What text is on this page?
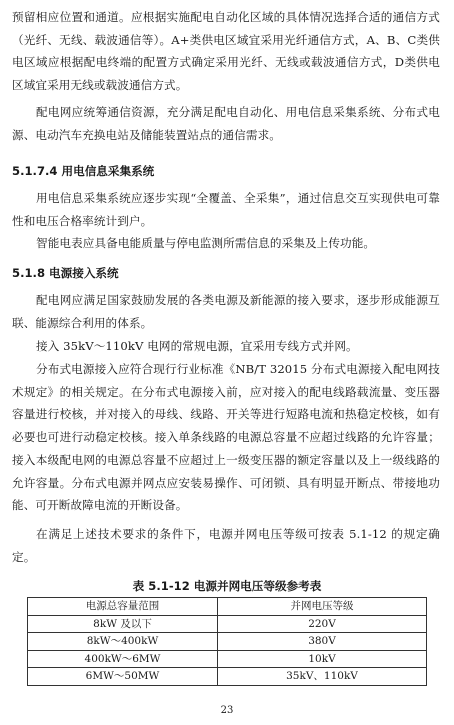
预留相应位置和通道。应根据实施配电自动化区域的具体情况选择合适的通信方式（光纤、无线、载波通信等）。A+类供电区域宜采用光纤通信方式，A、B、C类供电区域应根据配电终端的配置方式确定采用光纤、无线或载波通信方式，D类供电区域宜采用无线或载波通信方式。

配电网应统筹通信资源，充分满足配电自动化、用电信息采集系统、分布式电源、电动汽车充换电站及储能装置站点的通信需求。

5.1.7.4 用电信息采集系统

用电信息采集系统应逐步实现“全覆盖、全采集”，通过信息交互实现供电可靠性和电压合格率统计到户。

智能电表应具备电能质量与停电监测所需信息的采集及上传功能。

5.1.8 电源接入系统

配电网应满足国家鼓励发展的各类电源及新能源的接入要求，逐步形成能源互联、能源综合利用的体系。

接入 35kV～110kV 电网的常规电源，宜采用专线方式并网。

分布式电源接入应符合现行行业标准《NB/T 32015 分布式电源接入配电网技术规定》的相关规定。在分布式电源接入前，应对接入的配电线路载流量、变压器容量进行校核，并对接入的母线、线路、开关等进行短路电流和热稳定校核，如有必要也可进行动稳定校核。接入单条线路的电源总容量不应超过线路的允许容量；接入本级配电网的电源总容量不应超过上一级变压器的额定容量以及上一级线路的允许容量。分布式电源并网点应安装易操作、可闭锁、具有明显开断点、带接地功能、可开断故障电流的开断设备。

在满足上述技术要求的条件下，电源并网电压等级可按表 5.1-12 的规定确定。

表 5.1-12 电源并网电压等级参考表
电源总容量范围	并网电压等级
8kW 及以下	220V
8kW～400kW	380V
400kW～6MW	10kV
6MW～50MW	35kV、110kV
23
